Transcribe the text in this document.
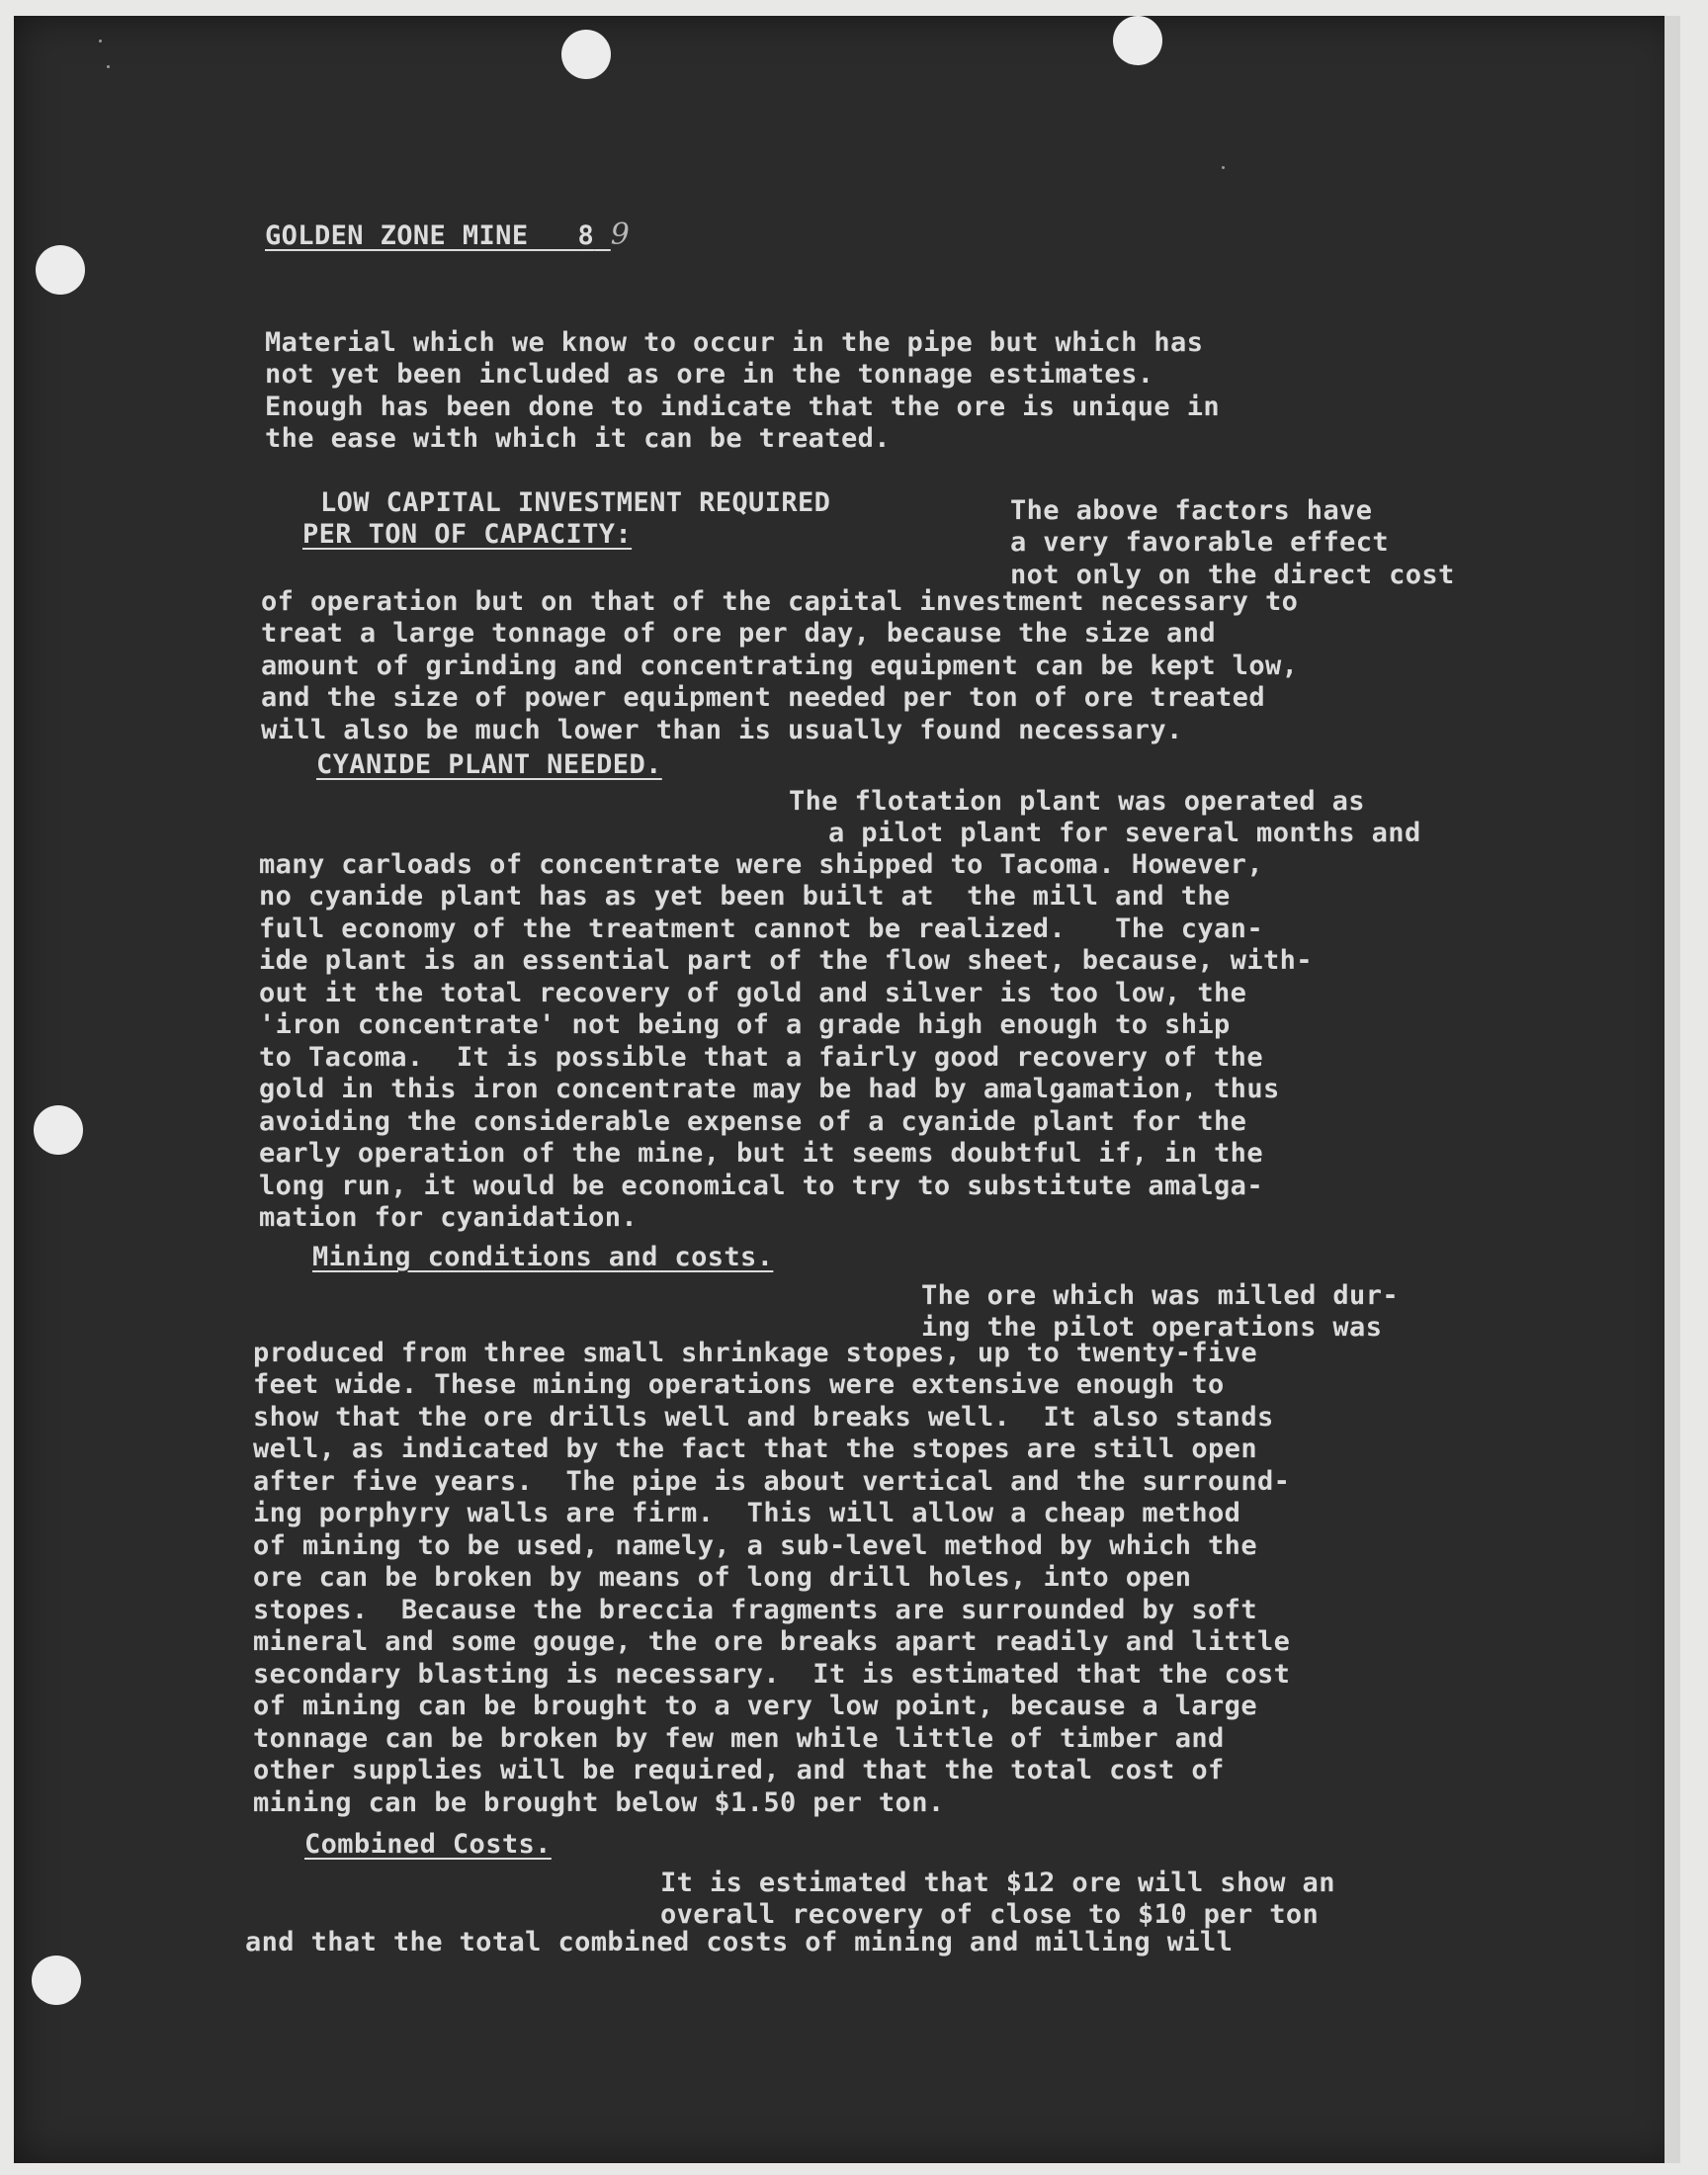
GOLDEN ZONE MINE 8 9

Material which we know to occur in the pipe but which has
not yet been included as ore in the tonnage estimates.
Enough has been done to indicate that the ore is unique in
the ease with which it can be treated.

LOW CAPITAL INVESTMENT REQUIRED
PER TON OF CAPACITY:

The above factors have
a very favorable effect
not only on the direct cost

of operation but on that of the capital investment necessary to
treat a large tonnage of ore per day, because the size and
amount of grinding and concentrating equipment can be kept low,
and the size of power equipment needed per ton of ore treated
will also be much lower than is usually found necessary.
CYANIDE PLANT NEEDED.

The flotation plant was operated as
a pilot plant for several months and

many carloads of concentrate were shipped to Tacoma. However,
no cyanide plant has as yet been built at  the mill and the
full economy of the treatment cannot be realized.   The cyan-
ide plant is an essential part of the flow sheet, because, with-
out it the total recovery of gold and silver is too low, the
'iron concentrate' not being of a grade high enough to ship
to Tacoma.  It is possible that a fairly good recovery of the
gold in this iron concentrate may be had by amalgamation, thus
avoiding the considerable expense of a cyanide plant for the
early operation of the mine, but it seems doubtful if, in the
long run, it would be economical to try to substitute amalga-
mation for cyanidation.
Mining conditions and costs.

The ore which was milled dur-
ing the pilot operations was

produced from three small shrinkage stopes, up to twenty-five
feet wide. These mining operations were extensive enough to
show that the ore drills well and breaks well.  It also stands
well, as indicated by the fact that the stopes are still open
after five years.  The pipe is about vertical and the surround-
ing porphyry walls are firm.  This will allow a cheap method
of mining to be used, namely, a sub-level method by which the
ore can be broken by means of long drill holes, into open
stopes.  Because the breccia fragments are surrounded by soft
mineral and some gouge, the ore breaks apart readily and little
secondary blasting is necessary.  It is estimated that the cost
of mining can be brought to a very low point, because a large
tonnage can be broken by few men while little of timber and
other supplies will be required, and that the total cost of
mining can be brought below $1.50 per ton.
Combined Costs.

It is estimated that $12 ore will show an
overall recovery of close to $10 per ton

and that the total combined costs of mining and milling will
